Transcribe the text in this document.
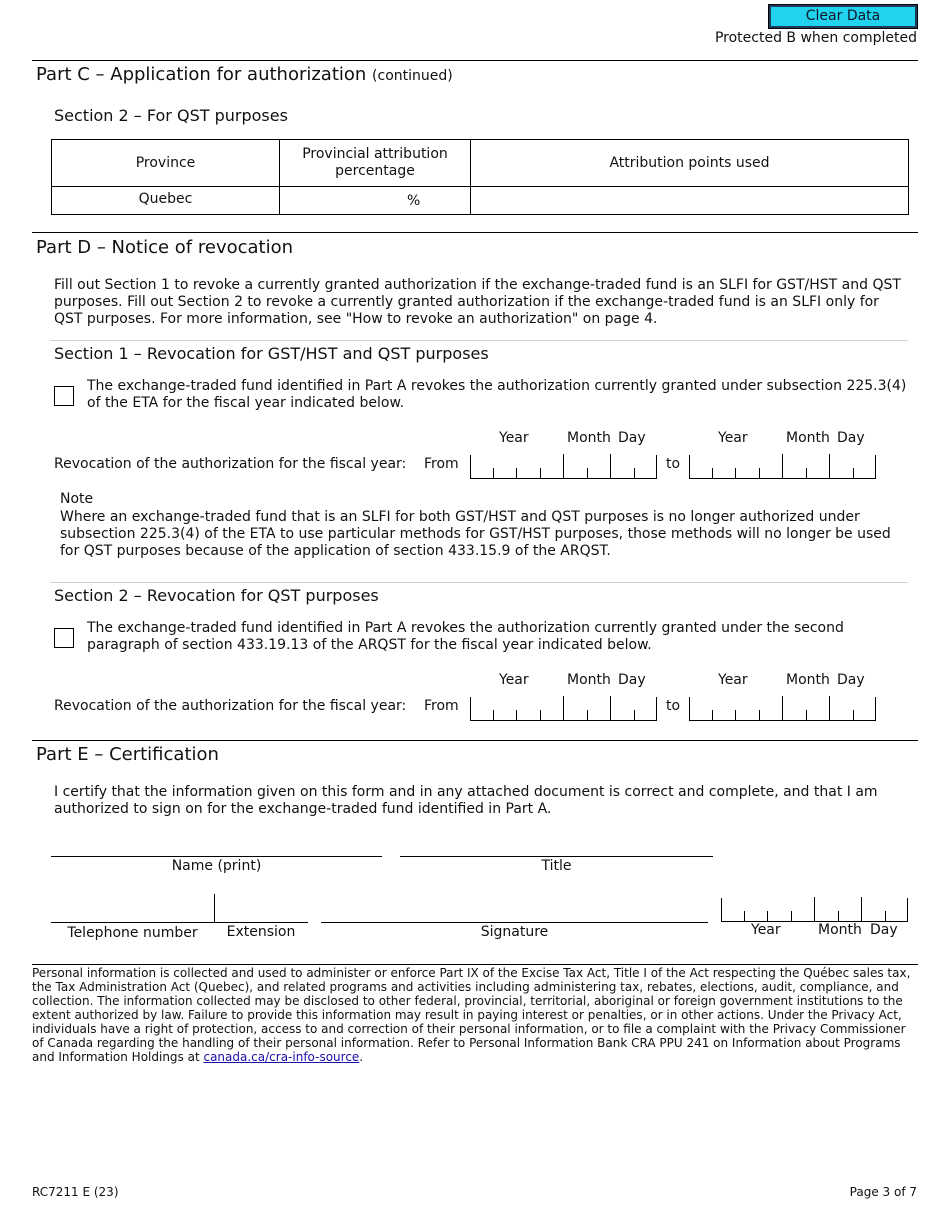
Clear Data
Protected B when completed
Part C – Application for authorization (continued)
Section 2 – For QST purposes
Province	Provincial attribution percentage	Attribution points used
Quebec	%	

Part D – Notice of revocation
Fill out Section 1 to revoke a currently granted authorization if the exchange-traded fund is an SLFI for GST/HST and QST purposes. Fill out Section 2 to revoke a currently granted authorization if the exchange-traded fund is an SLFI only for QST purposes. For more information, see "How to revoke an authorization" on page 4.
Section 1 – Revocation for GST/HST and QST purposes
The exchange-traded fund identified in Part A revokes the authorization currently granted under subsection 225.3(4) of the ETA for the fiscal year indicated below.
Year	Month Day	Year	Month Day
Revocation of the authorization for the fiscal year: From	to
Note
Where an exchange-traded fund that is an SLFI for both GST/HST and QST purposes is no longer authorized under subsection 225.3(4) of the ETA to use particular methods for GST/HST purposes, those methods will no longer be used for QST purposes because of the application of section 433.15.9 of the ARQST.
Section 2 – Revocation for QST purposes
The exchange-traded fund identified in Part A revokes the authorization currently granted under the second paragraph of section 433.19.13 of the ARQST for the fiscal year indicated below.
Year	Month Day	Year	Month Day
Revocation of the authorization for the fiscal year: From	to
Part E – Certification
I certify that the information given on this form and in any attached document is correct and complete, and that I am authorized to sign on for the exchange-traded fund identified in Part A.
Name (print)	Title
Telephone number	Extension	Signature	Year	Month Day
Personal information is collected and used to administer or enforce Part IX of the Excise Tax Act, Title I of the Act respecting the Québec sales tax, the Tax Administration Act (Quebec), and related programs and activities including administering tax, rebates, elections, audit, compliance, and collection. The information collected may be disclosed to other federal, provincial, territorial, aboriginal or foreign government institutions to the extent authorized by law. Failure to provide this information may result in paying interest or penalties, or in other actions. Under the Privacy Act, individuals have a right of protection, access to and correction of their personal information, or to file a complaint with the Privacy Commissioner of Canada regarding the handling of their personal information. Refer to Personal Information Bank CRA PPU 241 on Information about Programs and Information Holdings at canada.ca/cra-info-source.
RC7211 E (23)	Page 3 of 7
